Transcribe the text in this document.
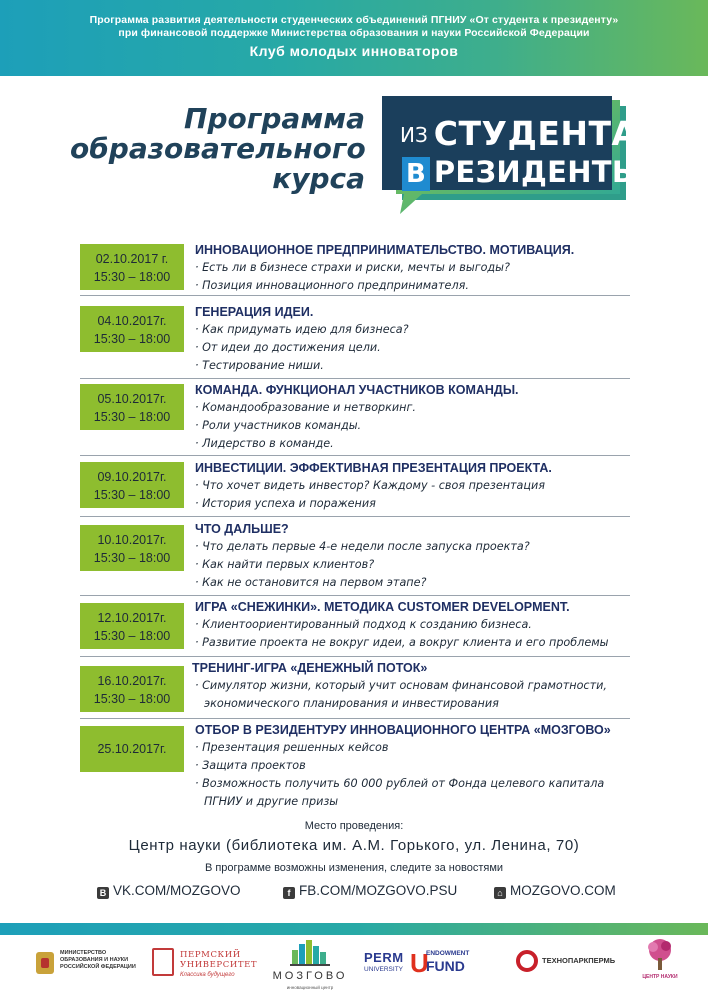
Программа развития деятельности студенческих объединений ПГНИУ «От студента к президенту»
при финансовой поддержке Министерства образования и науки Российской Федерации
Клуб молодых инноваторов
Программа
образовательного
курса
ИЗ СТУДЕНТА
В РЕЗИДЕНТЫ
02.10.2017 г.
15:30 – 18:00
ИННОВАЦИОННОЕ ПРЕДПРИНИМАТЕЛЬСТВО. МОТИВАЦИЯ.
· Есть ли в бизнесе страхи и риски, мечты и выгоды?
· Позиция инновационного предпринимателя.
04.10.2017г.
15:30 – 18:00
ГЕНЕРАЦИЯ ИДЕИ.
· Как придумать идею для бизнеса?
· От идеи до достижения цели.
· Тестирование ниши.
05.10.2017г.
15:30 – 18:00
КОМАНДА. ФУНКЦИОНАЛ УЧАСТНИКОВ КОМАНДЫ.
· Командообразование и нетворкинг.
· Роли участников команды.
· Лидерство в команде.
09.10.2017г.
15:30 – 18:00
ИНВЕСТИЦИИ. ЭФФЕКТИВНАЯ ПРЕЗЕНТАЦИЯ ПРОЕКТА.
· Что хочет видеть инвестор? Каждому - своя презентация
· История успеха и поражения
10.10.2017г.
15:30 – 18:00
ЧТО ДАЛЬШЕ?
· Что делать первые 4-е недели после запуска проекта?
· Как найти первых клиентов?
· Как не остановится на первом этапе?
12.10.2017г.
15:30 – 18:00
ИГРА «СНЕЖИНКИ». МЕТОДИКА CUSTOMER DEVELOPMENT.
· Клиентоориентированный подход к созданию бизнеса.
· Развитие проекта не вокруг идеи, а вокруг клиента и его проблемы
16.10.2017г.
15:30 – 18:00
ТРЕНИНГ-ИГРА «ДЕНЕЖНЫЙ ПОТОК»
· Симулятор жизни, который учит основам финансовой грамотности,
экономического планирования и инвестирования
25.10.2017г.
ОТБОР В РЕЗИДЕНТУРУ ИННОВАЦИОННОГО ЦЕНТРА «МОЗГОВО»
· Презентация решенных кейсов
· Защита проектов
· Возможность получить 60 000 рублей от Фонда целевого капитала
ПГНИУ и другие призы
Место проведения:
Центр науки (библиотека им. А.М. Горького, ул. Ленина, 70)
В программе возможны изменения, следите за новостями
B VK.COM/MOZGOVO	f FB.COM/MOZGOVO.PSU	⌂ MOZGOVO.COM
МИНИСТЕРСТВО
ОБРАЗОВАНИЯ И НАУКИ
РОССИЙСКОЙ ФЕДЕРАЦИИ
ПЕРМСКИЙ
УНИВЕРСИТЕТ
Классика будущего	МОЗГОВО
инновационный центр
PERM
UNIVERSITY U
ENDOWMENT
FUND	ТЕХНОПАРКПЕРМЬ
ЦЕНТР НАУКИ
